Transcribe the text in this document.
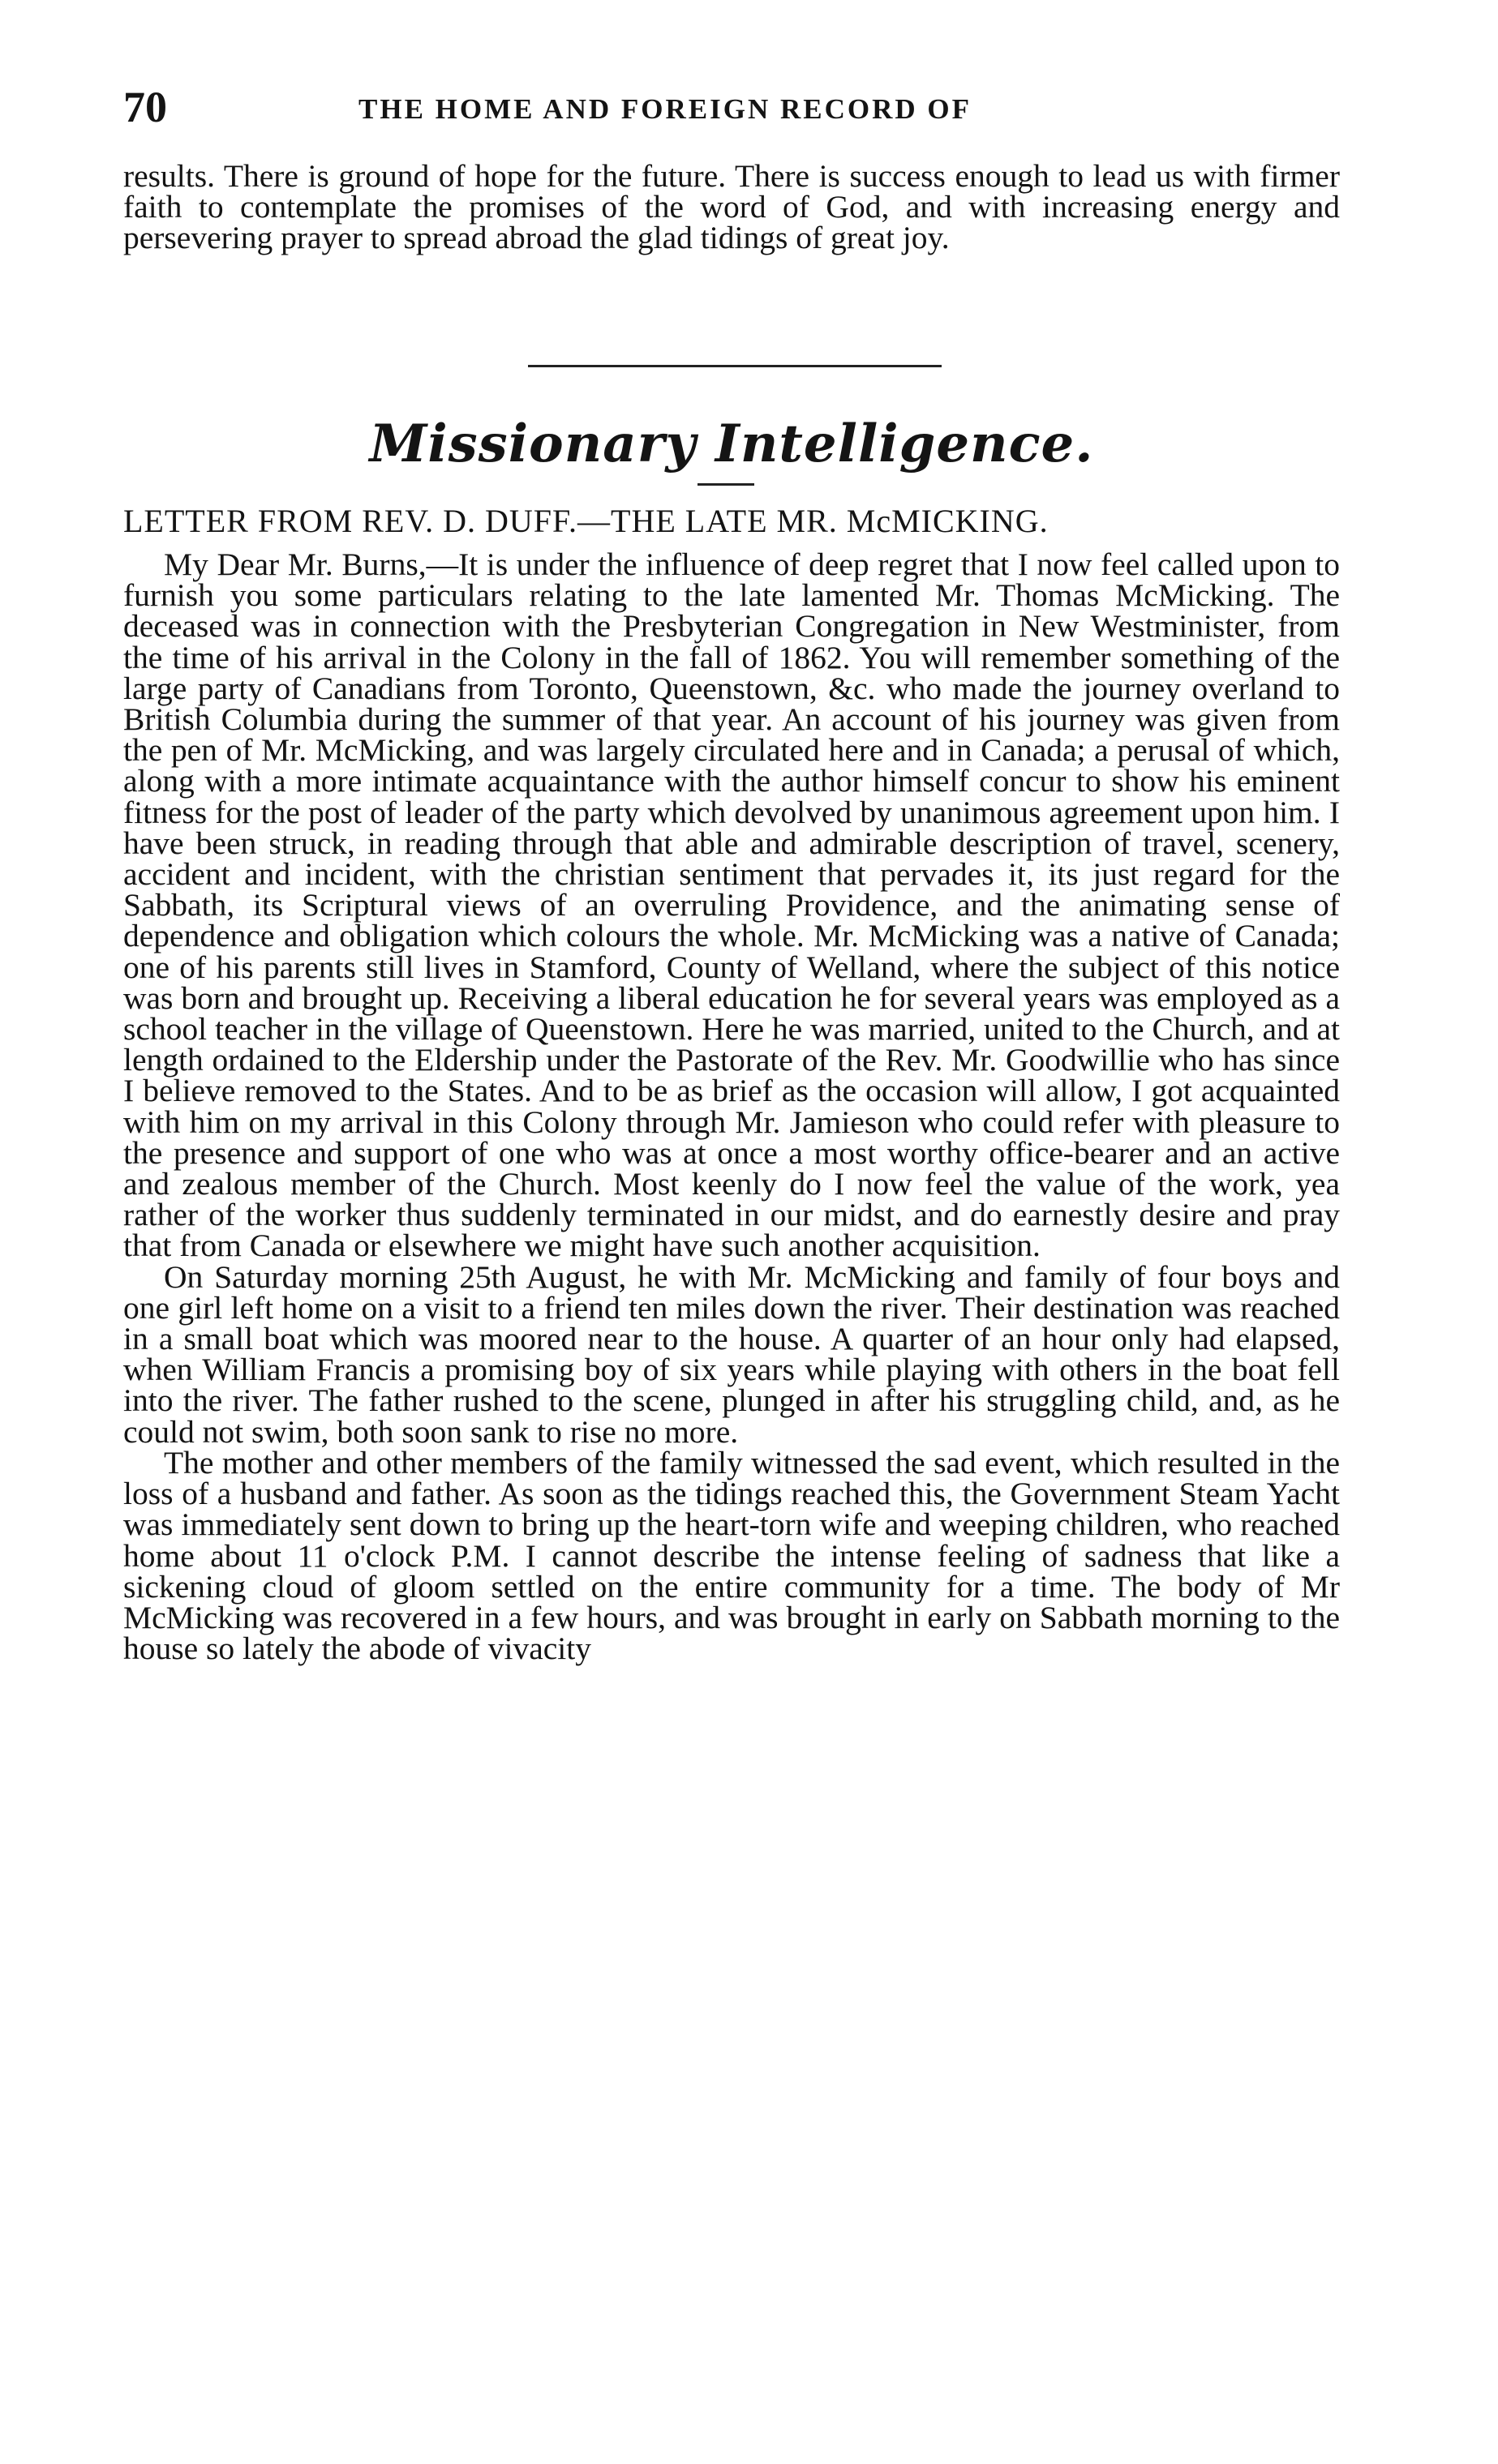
70	THE HOME AND FOREIGN RECORD OF

results. There is ground of hope for the future. There is success enough to lead us with firmer faith to contemplate the promises of the word of God, and with increasing energy and persevering prayer to spread abroad the glad tidings of great joy.

Missionary Intelligence.
LETTER FROM REV. D. DUFF.—THE LATE MR. McMICKING.

My Dear Mr. Burns,—It is under the influence of deep regret that I now feel called upon to furnish you some particulars relating to the late lamented Mr. Thomas McMicking. The deceased was in connection with the Presbyterian Congregation in New Westminister, from the time of his arrival in the Colony in the fall of 1862. You will remember something of the large party of Canadians from Toronto, Queenstown, &c. who made the journey overland to British Columbia during the summer of that year. An account of his journey was given from the pen of Mr. McMicking, and was largely circulated here and in Canada; a perusal of which, along with a more intimate acquaintance with the author himself concur to show his eminent fitness for the post of leader of the party which devolved by unanimous agreement upon him. I have been struck, in reading through that able and admirable description of travel, scenery, accident and incident, with the christian sentiment that pervades it, its just regard for the Sabbath, its Scriptural views of an overruling Providence, and the animating sense of dependence and obligation which colours the whole. Mr. McMicking was a native of Canada; one of his parents still lives in Stamford, County of Welland, where the subject of this notice was born and brought up. Receiving a liberal education he for several years was employed as a school teacher in the village of Queenstown. Here he was married, united to the Church, and at length ordained to the Eldership under the Pastorate of the Rev. Mr. Goodwillie who has since I believe removed to the States. And to be as brief as the occasion will allow, I got acquainted with him on my arrival in this Colony through Mr. Jamieson who could refer with pleasure to the presence and support of one who was at once a most worthy office-bearer and an active and zealous member of the Church. Most keenly do I now feel the value of the work, yea rather of the worker thus suddenly terminated in our midst, and do earnestly desire and pray that from Canada or elsewhere we might have such another acquisition.

On Saturday morning 25th August, he with Mr. McMicking and family of four boys and one girl left home on a visit to a friend ten miles down the river. Their destination was reached in a small boat which was moored near to the house. A quarter of an hour only had elapsed, when William Francis a promising boy of six years while playing with others in the boat fell into the river. The father rushed to the scene, plunged in after his struggling child, and, as he could not swim, both soon sank to rise no more.

The mother and other members of the family witnessed the sad event, which resulted in the loss of a husband and father. As soon as the tidings reached this, the Government Steam Yacht was immediately sent down to bring up the heart-torn wife and weeping children, who reached home about 11 o'clock P.M. I cannot describe the intense feeling of sadness that like a sickening cloud of gloom settled on the entire community for a time. The body of Mr McMicking was recovered in a few hours, and was brought in early on Sabbath morning to the house so lately the abode of vivacity
